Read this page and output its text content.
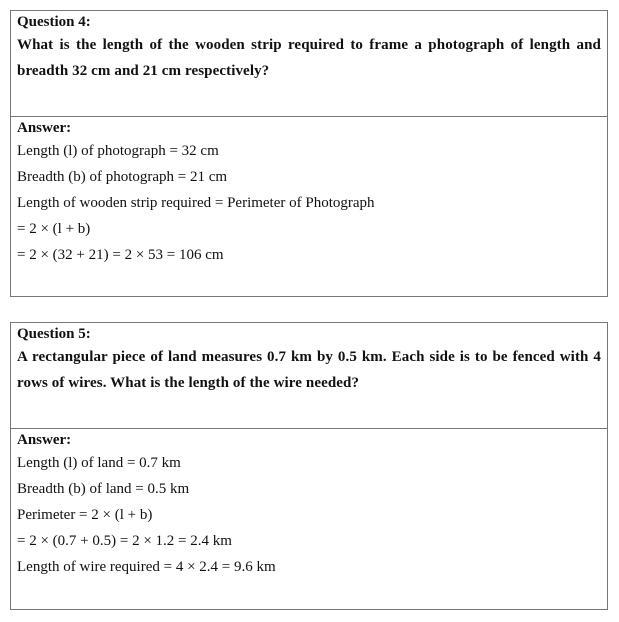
Question 4:
What is the length of the wooden strip required to frame a photograph of length and breadth 32 cm and 21 cm respectively?
Answer:
Length (l) of photograph = 32 cm
Breadth (b) of photograph = 21 cm
Length of wooden strip required = Perimeter of Photograph
= 2 × (l + b)
= 2 × (32 + 21) = 2 × 53 = 106 cm
Question 5:
A rectangular piece of land measures 0.7 km by 0.5 km. Each side is to be fenced with 4 rows of wires. What is the length of the wire needed?
Answer:
Length (l) of land = 0.7 km
Breadth (b) of land = 0.5 km
Perimeter = 2 × (l + b)
= 2 × (0.7 + 0.5) = 2 × 1.2 = 2.4 km
Length of wire required = 4 × 2.4 = 9.6 km
